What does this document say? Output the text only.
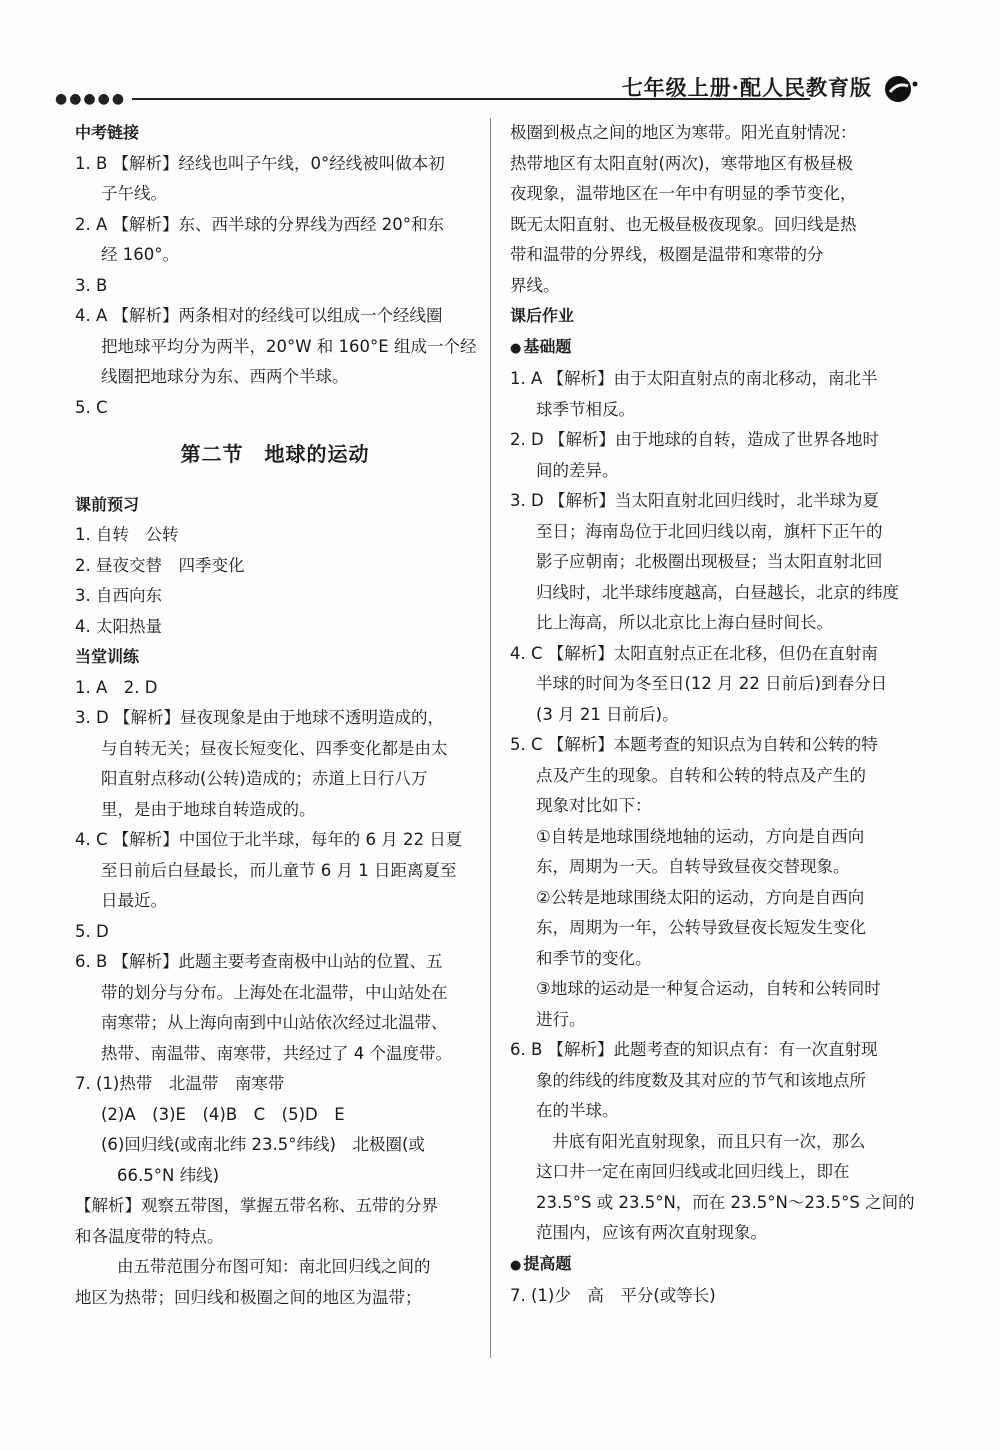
●●●●●	七年级上册·配人民教育版
中考链接
1. B 【解析】经线也叫子午线，0°经线被叫做本初
子午线。
2. A 【解析】东、西半球的分界线为西经 20°和东
经 160°。
3. B
4. A 【解析】两条相对的经线可以组成一个经线圈
把地球平均分为两半，20°W 和 160°E 组成一个经
线圈把地球分为东、西两个半球。
5. C
第二节　地球的运动
课前预习
1. 自转　公转
2. 昼夜交替　四季变化
3. 自西向东
4. 太阳热量
当堂训练
1. A　2. D
3. D 【解析】昼夜现象是由于地球不透明造成的，
与自转无关；昼夜长短变化、四季变化都是由太
阳直射点移动(公转)造成的；赤道上日行八万
里，是由于地球自转造成的。
4. C 【解析】中国位于北半球，每年的 6 月 22 日夏
至日前后白昼最长，而儿童节 6 月 1 日距离夏至
日最近。
5. D
6. B 【解析】此题主要考查南极中山站的位置、五
带的划分与分布。上海处在北温带，中山站处在
南寒带；从上海向南到中山站依次经过北温带、
热带、南温带、南寒带，共经过了 4 个温度带。
7. (1)热带　北温带　南寒带
(2)A　(3)E　(4)B　C　(5)D　E
(6)回归线(或南北纬 23.5°纬线)　北极圈(或
66.5°N 纬线)
【解析】观察五带图，掌握五带名称、五带的分界
和各温度带的特点。
由五带范围分布图可知：南北回归线之间的
地区为热带；回归线和极圈之间的地区为温带；
极圈到极点之间的地区为寒带。阳光直射情况：
热带地区有太阳直射(两次)，寒带地区有极昼极
夜现象，温带地区在一年中有明显的季节变化，
既无太阳直射、也无极昼极夜现象。回归线是热
带和温带的分界线，极圈是温带和寒带的分
界线。
课后作业
● 基础题
1. A 【解析】由于太阳直射点的南北移动，南北半
球季节相反。
2. D 【解析】由于地球的自转，造成了世界各地时
间的差异。
3. D 【解析】当太阳直射北回归线时，北半球为夏
至日；海南岛位于北回归线以南，旗杆下正午的
影子应朝南；北极圈出现极昼；当太阳直射北回
归线时，北半球纬度越高，白昼越长，北京的纬度
比上海高，所以北京比上海白昼时间长。
4. C 【解析】太阳直射点正在北移，但仍在直射南
半球的时间为冬至日(12 月 22 日前后)到春分日
(3 月 21 日前后)。
5. C 【解析】本题考查的知识点为自转和公转的特
点及产生的现象。自转和公转的特点及产生的
现象对比如下：
①自转是地球围绕地轴的运动，方向是自西向
东，周期为一天。自转导致昼夜交替现象。
②公转是地球围绕太阳的运动，方向是自西向
东，周期为一年，公转导致昼夜长短发生变化
和季节的变化。
③地球的运动是一种复合运动，自转和公转同时
进行。
6. B 【解析】此题考查的知识点有：有一次直射现
象的纬线的纬度数及其对应的节气和该地点所
在的半球。
井底有阳光直射现象，而且只有一次，那么
这口井一定在南回归线或北回归线上，即在
23.5°S 或 23.5°N，而在 23.5°N～23.5°S 之间的
范围内，应该有两次直射现象。
● 提高题
7. (1)少　高　平分(或等长)
